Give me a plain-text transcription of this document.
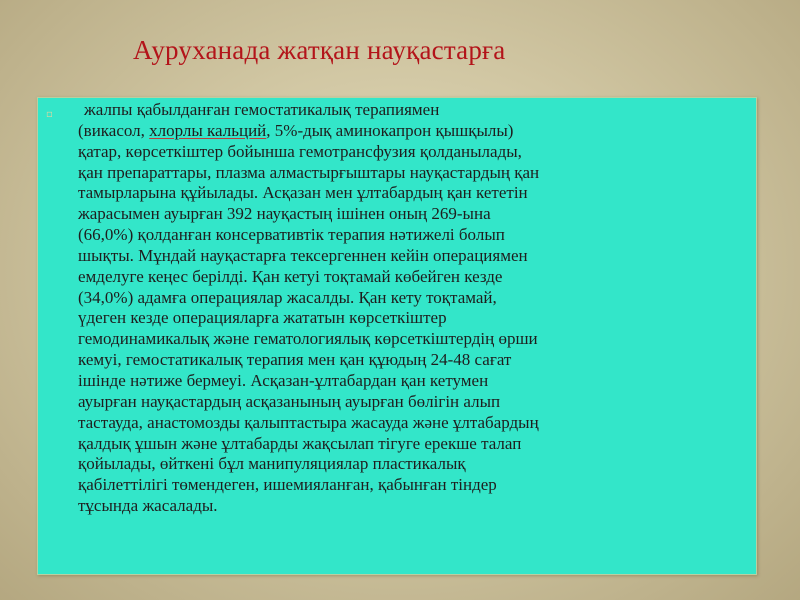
Ауруханада жатқан науқастарға
▫	жалпы қабылданған гемостатикалық терапиямен
(викасол, хлорлы кальций, 5%-дық аминокапрон қышқылы)
қатар, көрсеткіштер бойынша гемотрансфузия қолданылады,
қан препараттары, плазма алмастырғыштары науқастардың қан
тамырларына құйылады. Асқазан мен ұлтабардың қан кететін
жарасымен ауырған 392 науқастың ішінен оның 269-ына
(66,0%) қолданған консервативтік терапия нәтижелі болып
шықты. Мұндай науқастарға тексергеннен кейін операциямен
емделуге кеңес берілді. Қан кетуі тоқтамай көбейген кезде
(34,0%) адамға операциялар жасалды. Қан кету тоқтамай,
үдеген кезде операцияларға жататын көрсеткіштер
гемодинамикалық және гематологиялық көрсеткіштердің өрши
кемуі, гемостатикалық терапия мен қан құюдың 24-48 сағат
ішінде нәтиже бермеуі. Асқазан-ұлтабардан қан кетумен
ауырған науқастардың асқазанының ауырған бөлігін алып
тастауда, анастомозды қалыптастыра жасауда және ұлтабардың
қалдық ұшын және ұлтабарды жақсылап тігуге ерекше талап
қойылады, өйткені бұл манипуляциялар пластикалық
қабілеттілігі төмендеген, ишемияланған, қабынған тіндер
тұсында жасалады.
